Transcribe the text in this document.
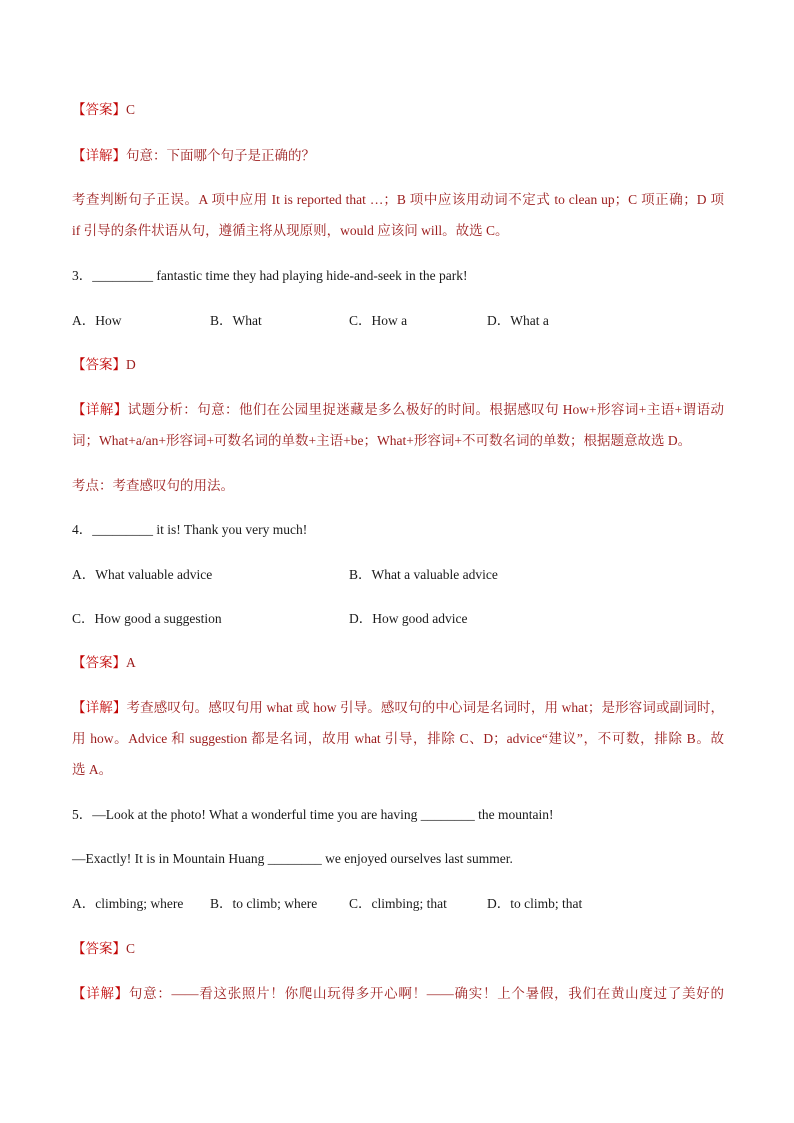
【答案】C
【详解】句意：下面哪个句子是正确的？
考查判断句子正误。A 项中应用 It is reported that …；B 项中应该用动词不定式 to clean up；C 项正确；D 项
if 引导的条件状语从句，遵循主将从现原则，would 应该问 will。故选 C。
3．_________ fantastic time they had playing hide-and-seek in the park!
A．How	B．What	C．How a	D．What a
【答案】D
【详解】试题分析：句意：他们在公园里捉迷藏是多么极好的时间。根据感叹句 How+形容词+主语+谓语动
词；What+a/an+形容词+可数名词的单数+主语+be；What+形容词+不可数名词的单数；根据题意故选 D。
考点：考查感叹句的用法。
4．_________ it is! Thank you very much!
A．What valuable advice	B．What a valuable advice
C．How good a suggestion	D．How good advice
【答案】A
【详解】考查感叹句。感叹句用 what 或 how 引导。感叹句的中心词是名词时，用 what；是形容词或副词时，
用 how。Advice 和 suggestion 都是名词，故用 what 引导，排除 C、D；advice“建议”，不可数，排除 B。故
选 A。
5．—Look at the photo! What a wonderful time you are having ________ the mountain!
—Exactly! It is in Mountain Huang ________ we enjoyed ourselves last summer.
A．climbing; where B．to climb; where C．climbing; that	D．to climb; that
【答案】C
【详解】句意：——看这张照片！你爬山玩得多开心啊！——确实！上个暑假，我们在黄山度过了美好的
